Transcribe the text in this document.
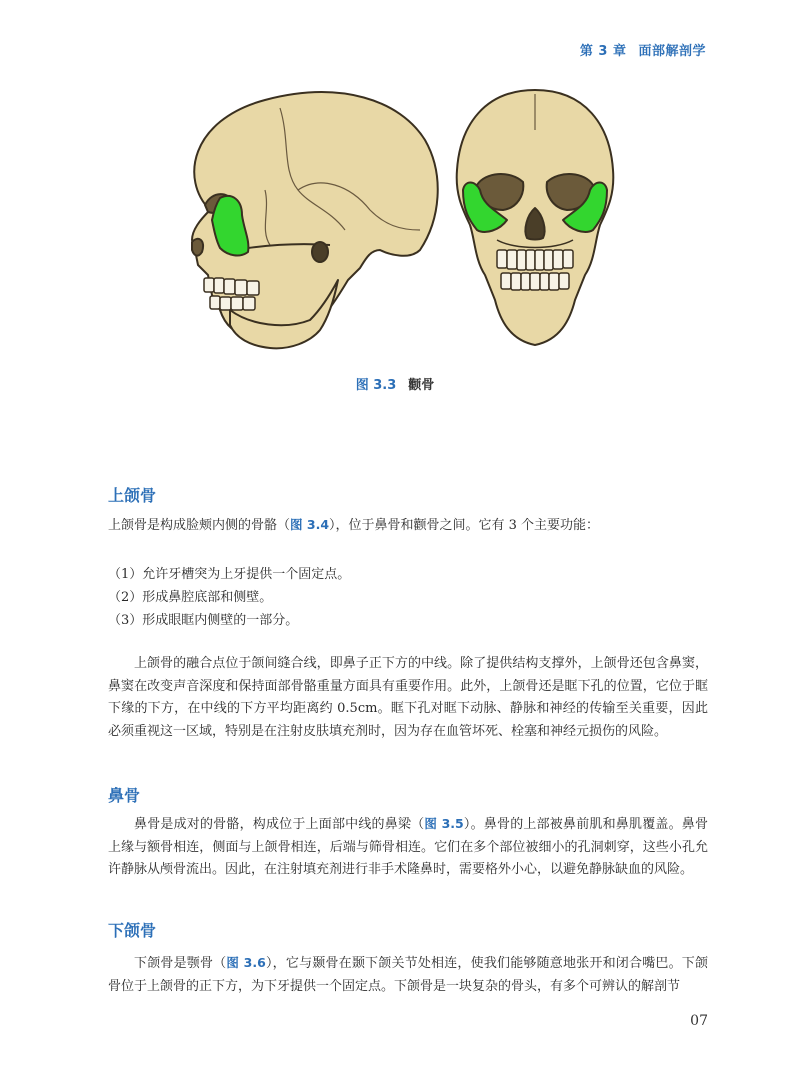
第 3 章 面部解剖学
图 3.3 颧骨
上颌骨
上颌骨是构成脸颊内侧的骨骼（图 3.4），位于鼻骨和颧骨之间。它有 3 个主要功能：
（1）允许牙槽突为上牙提供一个固定点。
（2）形成鼻腔底部和侧壁。
（3）形成眼眶内侧壁的一部分。
上颌骨的融合点位于颌间缝合线，即鼻子正下方的中线。除了提供结构支撑外，上颌骨还包含鼻窦，鼻窦在改变声音深度和保持面部骨骼重量方面具有重要作用。此外，上颌骨还是眶下孔的位置，它位于眶下缘的下方，在中线的下方平均距离约 0.5cm。眶下孔对眶下动脉、静脉和神经的传输至关重要，因此必须重视这一区域，特别是在注射皮肤填充剂时，因为存在血管坏死、栓塞和神经元损伤的风险。
鼻骨
鼻骨是成对的骨骼，构成位于上面部中线的鼻梁（图 3.5）。鼻骨的上部被鼻前肌和鼻肌覆盖。鼻骨上缘与额骨相连，侧面与上颌骨相连，后端与筛骨相连。它们在多个部位被细小的孔洞刺穿，这些小孔允许静脉从颅骨流出。因此，在注射填充剂进行非手术隆鼻时，需要格外小心，以避免静脉缺血的风险。
下颌骨
下颌骨是颚骨（图 3.6），它与颞骨在颞下颌关节处相连，使我们能够随意地张开和闭合嘴巴。下颌骨位于上颌骨的正下方，为下牙提供一个固定点。下颌骨是一块复杂的骨头，有多个可辨认的解剖节
07
